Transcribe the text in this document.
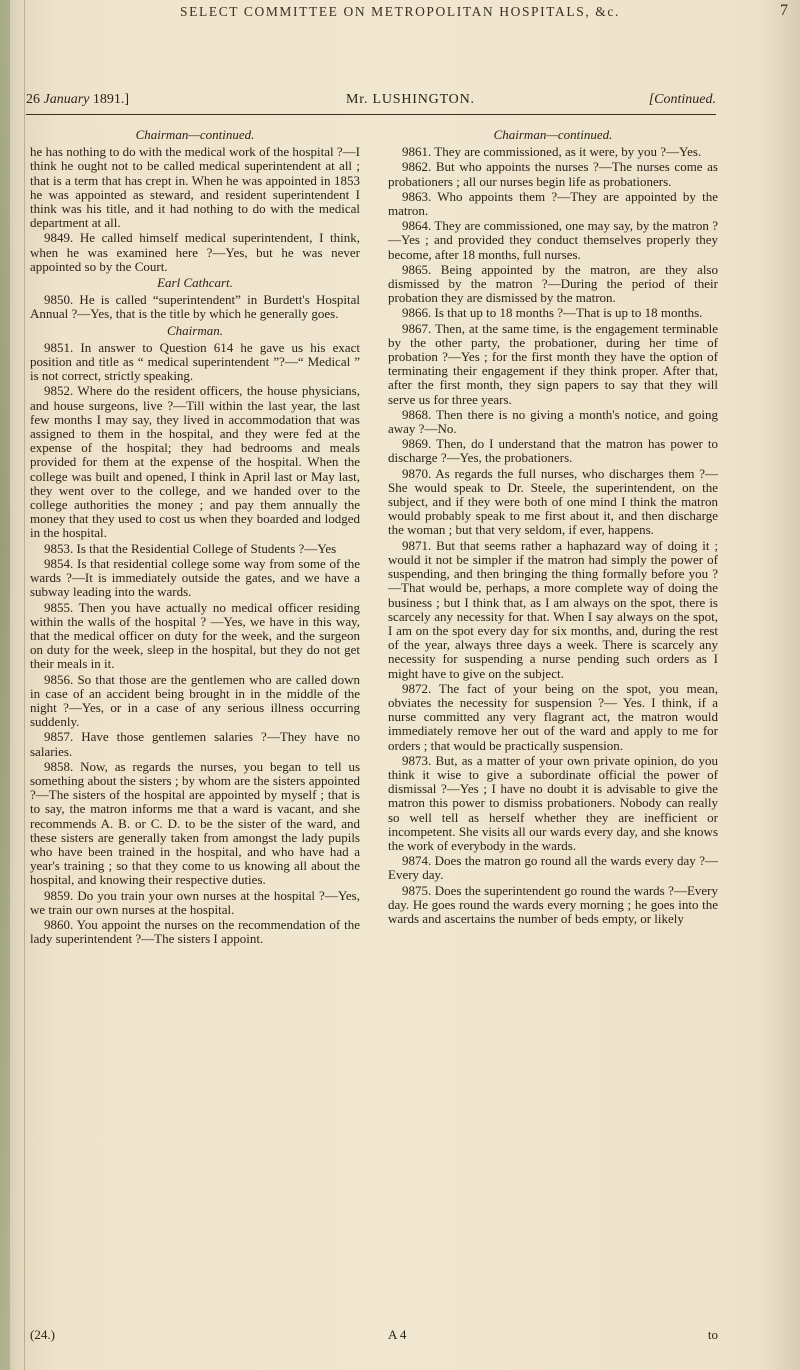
SELECT COMMITTEE ON METROPOLITAN HOSPITALS, &c.	7
26 January 1891.]	Mr. LUSHINGTON.	[Continued.
Chairman—continued.

he has nothing to do with the medical work of the hospital ?—I think he ought not to be called medical superintendent at all ; that is a term that has crept in. When he was appointed in 1853 he was appointed as steward, and resident superintendent I think was his title, and it had nothing to do with the medical department at all.

9849. He called himself medical superintendent, I think, when he was examined here ?—Yes, but he was never appointed so by the Court.

Earl Cathcart.

9850. He is called “superintendent” in Burdett's Hospital Annual ?—Yes, that is the title by which he generally goes.

Chairman.

9851. In answer to Question 614 he gave us his exact position and title as “ medical superintendent ”?—“ Medical ” is not correct, strictly speaking.

9852. Where do the resident officers, the house physicians, and house surgeons, live ?—Till within the last year, the last few months I may say, they lived in accommodation that was assigned to them in the hospital, and they were fed at the expense of the hospital; they had bedrooms and meals provided for them at the expense of the hospital. When the college was built and opened, I think in April last or May last, they went over to the college, and we handed over to the college authorities the money ; and pay them annually the money that they used to cost us when they boarded and lodged in the hospital.

9853. Is that the Residential College of Students ?—Yes

9854. Is that residential college some way from some of the wards ?—It is immediately outside the gates, and we have a subway leading into the wards.

9855. Then you have actually no medical officer residing within the walls of the hospital ? —Yes, we have in this way, that the medical officer on duty for the week, and the surgeon on duty for the week, sleep in the hospital, but they do not get their meals in it.

9856. So that those are the gentlemen who are called down in case of an accident being brought in in the middle of the night ?—Yes, or in a case of any serious illness occurring suddenly.

9857. Have those gentlemen salaries ?—They have no salaries.

9858. Now, as regards the nurses, you began to tell us something about the sisters ; by whom are the sisters appointed ?—The sisters of the hospital are appointed by myself ; that is to say, the matron informs me that a ward is vacant, and she recommends A. B. or C. D. to be the sister of the ward, and these sisters are generally taken from amongst the lady pupils who have been trained in the hospital, and who have had a year's training ; so that they come to us knowing all about the hospital, and knowing their respective duties.

9859. Do you train your own nurses at the hospital ?—Yes, we train our own nurses at the hospital.

9860. You appoint the nurses on the recommendation of the lady superintendent ?—The sisters I appoint.

Chairman—continued.

9861. They are commissioned, as it were, by you ?—Yes.

9862. But who appoints the nurses ?—The nurses come as probationers ; all our nurses begin life as probationers.

9863. Who appoints them ?—They are appointed by the matron.

9864. They are commissioned, one may say, by the matron ?—Yes ; and provided they conduct themselves properly they become, after 18 months, full nurses.

9865. Being appointed by the matron, are they also dismissed by the matron ?—During the period of their probation they are dismissed by the matron.

9866. Is that up to 18 months ?—That is up to 18 months.

9867. Then, at the same time, is the engagement terminable by the other party, the probationer, during her time of probation ?—Yes ; for the first month they have the option of terminating their engagement if they think proper. After that, after the first month, they sign papers to say that they will serve us for three years.

9868. Then there is no giving a month's notice, and going away ?—No.

9869. Then, do I understand that the matron has power to discharge ?—Yes, the probationers.

9870. As regards the full nurses, who discharges them ?—She would speak to Dr. Steele, the superintendent, on the subject, and if they were both of one mind I think the matron would probably speak to me first about it, and then discharge the woman ; but that very seldom, if ever, happens.

9871. But that seems rather a haphazard way of doing it ; would it not be simpler if the matron had simply the power of suspending, and then bringing the thing formally before you ?—That would be, perhaps, a more complete way of doing the business ; but I think that, as I am always on the spot, there is scarcely any necessity for that. When I say always on the spot, I am on the spot every day for six months, and, during the rest of the year, always three days a week. There is scarcely any necessity for suspending a nurse pending such orders as I might have to give on the subject.

9872. The fact of your being on the spot, you mean, obviates the necessity for suspension ?— Yes. I think, if a nurse committed any very flagrant act, the matron would immediately remove her out of the ward and apply to me for orders ; that would be practically suspension.

9873. But, as a matter of your own private opinion, do you think it wise to give a subordinate official the power of dismissal ?—Yes ; I have no doubt it is advisable to give the matron this power to dismiss probationers. Nobody can really so well tell as herself whether they are inefficient or incompetent. She visits all our wards every day, and she knows the work of everybody in the wards.

9874. Does the matron go round all the wards every day ?—Every day.

9875. Does the superintendent go round the wards ?—Every day. He goes round the wards every morning ; he goes into the wards and ascertains the number of beds empty, or likely

(24.)	A 4	to
